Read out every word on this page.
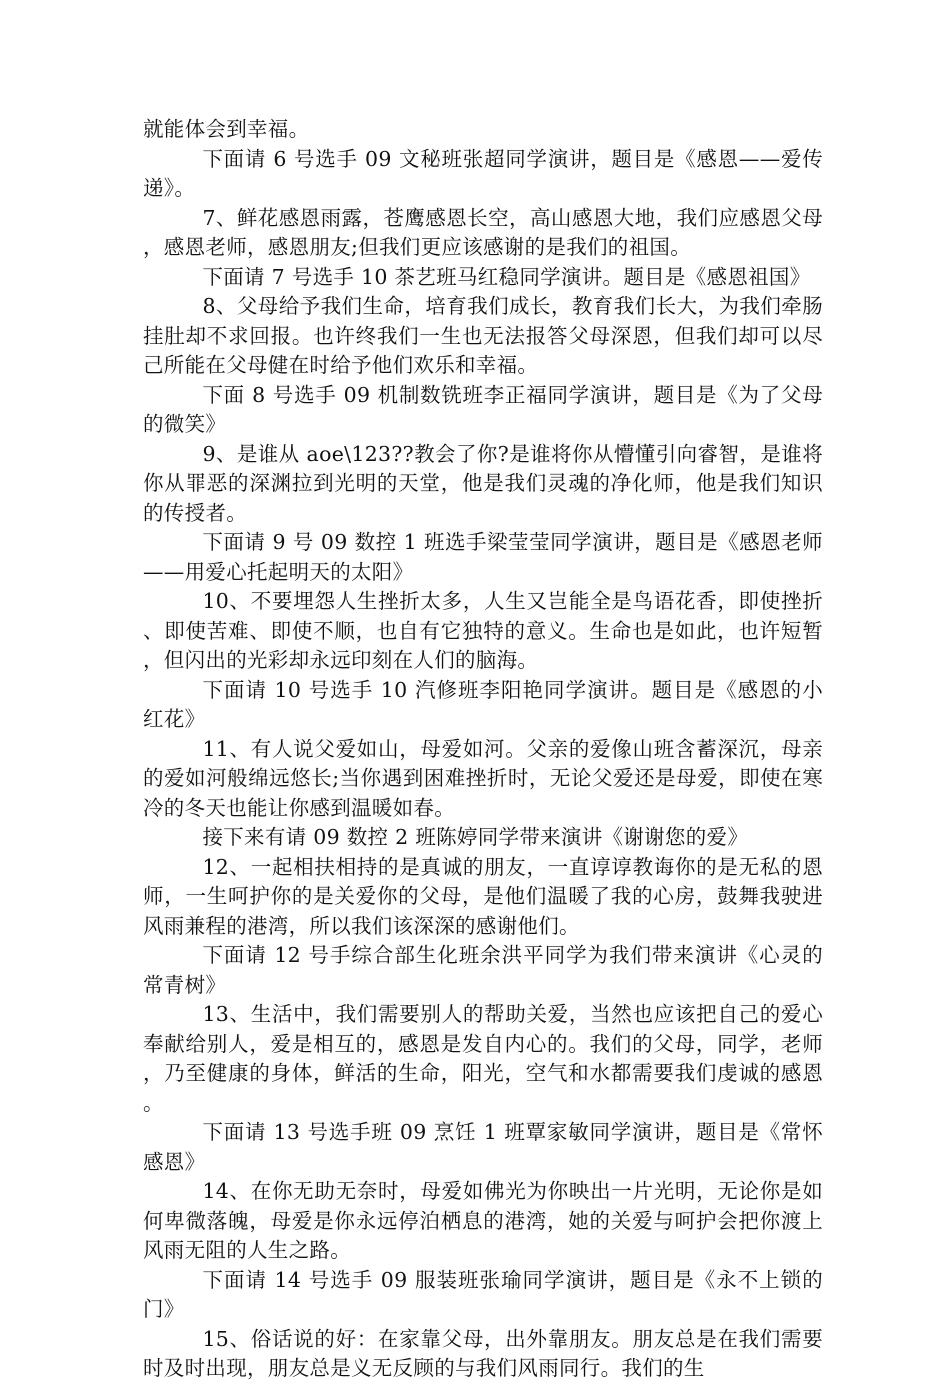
就能体会到幸福。

下面请 6 号选手 09 文秘班张超同学演讲，题目是《感恩——爱传递》。

7、鲜花感恩雨露，苍鹰感恩长空，高山感恩大地，我们应感恩父母，感恩老师，感恩朋友;但我们更应该感谢的是我们的祖国。

下面请 7 号选手 10 茶艺班马红稳同学演讲。题目是《感恩祖国》

8、父母给予我们生命，培育我们成长，教育我们长大，为我们牵肠挂肚却不求回报。也许终我们一生也无法报答父母深恩，但我们却可以尽己所能在父母健在时给予他们欢乐和幸福。

下面 8 号选手 09 机制数铣班李正福同学演讲，题目是《为了父母的微笑》

9、是谁从 aoe\123??教会了你?是谁将你从懵懂引向睿智，是谁将你从罪恶的深渊拉到光明的天堂，他是我们灵魂的净化师，他是我们知识的传授者。

下面请 9 号 09 数控 1 班选手梁莹莹同学演讲，题目是《感恩老师——用爱心托起明天的太阳》

10、不要埋怨人生挫折太多，人生又岂能全是鸟语花香，即使挫折、即使苦难、即使不顺，也自有它独特的意义。生命也是如此，也许短暂，但闪出的光彩却永远印刻在人们的脑海。

下面请 10 号选手 10 汽修班李阳艳同学演讲。题目是《感恩的小红花》

11、有人说父爱如山，母爱如河。父亲的爱像山班含蓄深沉，母亲的爱如河般绵远悠长;当你遇到困难挫折时，无论父爱还是母爱，即使在寒冷的冬天也能让你感到温暖如春。

接下来有请 09 数控 2 班陈婷同学带来演讲《谢谢您的爱》

12、一起相扶相持的是真诚的朋友，一直谆谆教诲你的是无私的恩师，一生呵护你的是关爱你的父母，是他们温暖了我的心房，鼓舞我驶进风雨兼程的港湾，所以我们该深深的感谢他们。

下面请 12 号手综合部生化班余洪平同学为我们带来演讲《心灵的常青树》

13、生活中，我们需要别人的帮助关爱，当然也应该把自己的爱心奉献给别人，爱是相互的，感恩是发自内心的。我们的父母，同学，老师，乃至健康的身体，鲜活的生命，阳光，空气和水都需要我们虔诚的感恩。

下面请 13 号选手班 09 烹饪 1 班覃家敏同学演讲，题目是《常怀感恩》

14、在你无助无奈时，母爱如佛光为你映出一片光明，无论你是如何卑微落魄，母爱是你永远停泊栖息的港湾，她的关爱与呵护会把你渡上风雨无阻的人生之路。

下面请 14 号选手 09 服装班张瑜同学演讲，题目是《永不上锁的门》

15、俗话说的好：在家靠父母，出外靠朋友。朋友总是在我们需要时及时出现，朋友总是义无反顾的与我们风雨同行。我们的生
